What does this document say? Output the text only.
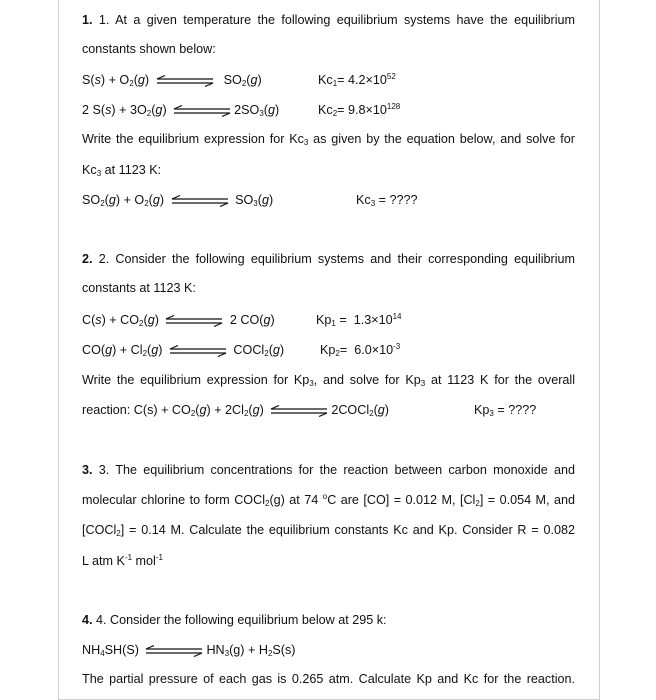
1. 1. At a given temperature the following equilibrium systems have the equilibrium
constants shown below:
$S(s) + O_2(g)$	$SO_2(g)$	$Kc_1= 4.2\times 10^{52}$
2 $S(s) + 3O_2(g)$	$2SO_3(g)$	$Kc_2= 9.8\times 10^{128}$
Write the equilibrium expression for $Kc_3$ as given by the equation below, and solve for
$Kc_3$ at 1123 K:
$SO_2(g) + O_2(g)$	$SO_3(g)$	$Kc_3$ = ????
2. 2. Consider the following equilibrium systems and their corresponding equilibrium
constants at 1123 K:
$C(s) + CO_2(g)$	2 CO(g)	$Kp_1 = 1.3\times 10^{14}$
$CO(g) + Cl_2(g)$	COCl$_2$(g)	$Kp_2= 6.0\times 10^{-3}$
Write the equilibrium expression for $Kp_3$, and solve for $Kp_3$ at 1123 K for the overall
reaction: $C(s) + CO_2(g) + 2Cl_2(g)$	2COCl$_2$(g)	$Kp_3$ = ????
3. 3. The equilibrium concentrations for the reaction between carbon monoxide and
molecular chlorine to form COCl$_2$(g) at 74 $^o$C are [CO] = 0.012 M, $[Cl_2] = 0.054$ M, and
[COCl$_2$] = 0.14 M. Calculate the equilibrium constants Kc and Kp. Consider R = 0.082
L atm $K^{-1}$ mol$^{-1}$
4. 4. Consider the following equilibrium below at 295 k:
$NH_4SH(S)$	$HN_3(g) + H_2S(s)$
The partial pressure of each gas is 0.265 atm. Calculate Kp and Kc for the reaction.
